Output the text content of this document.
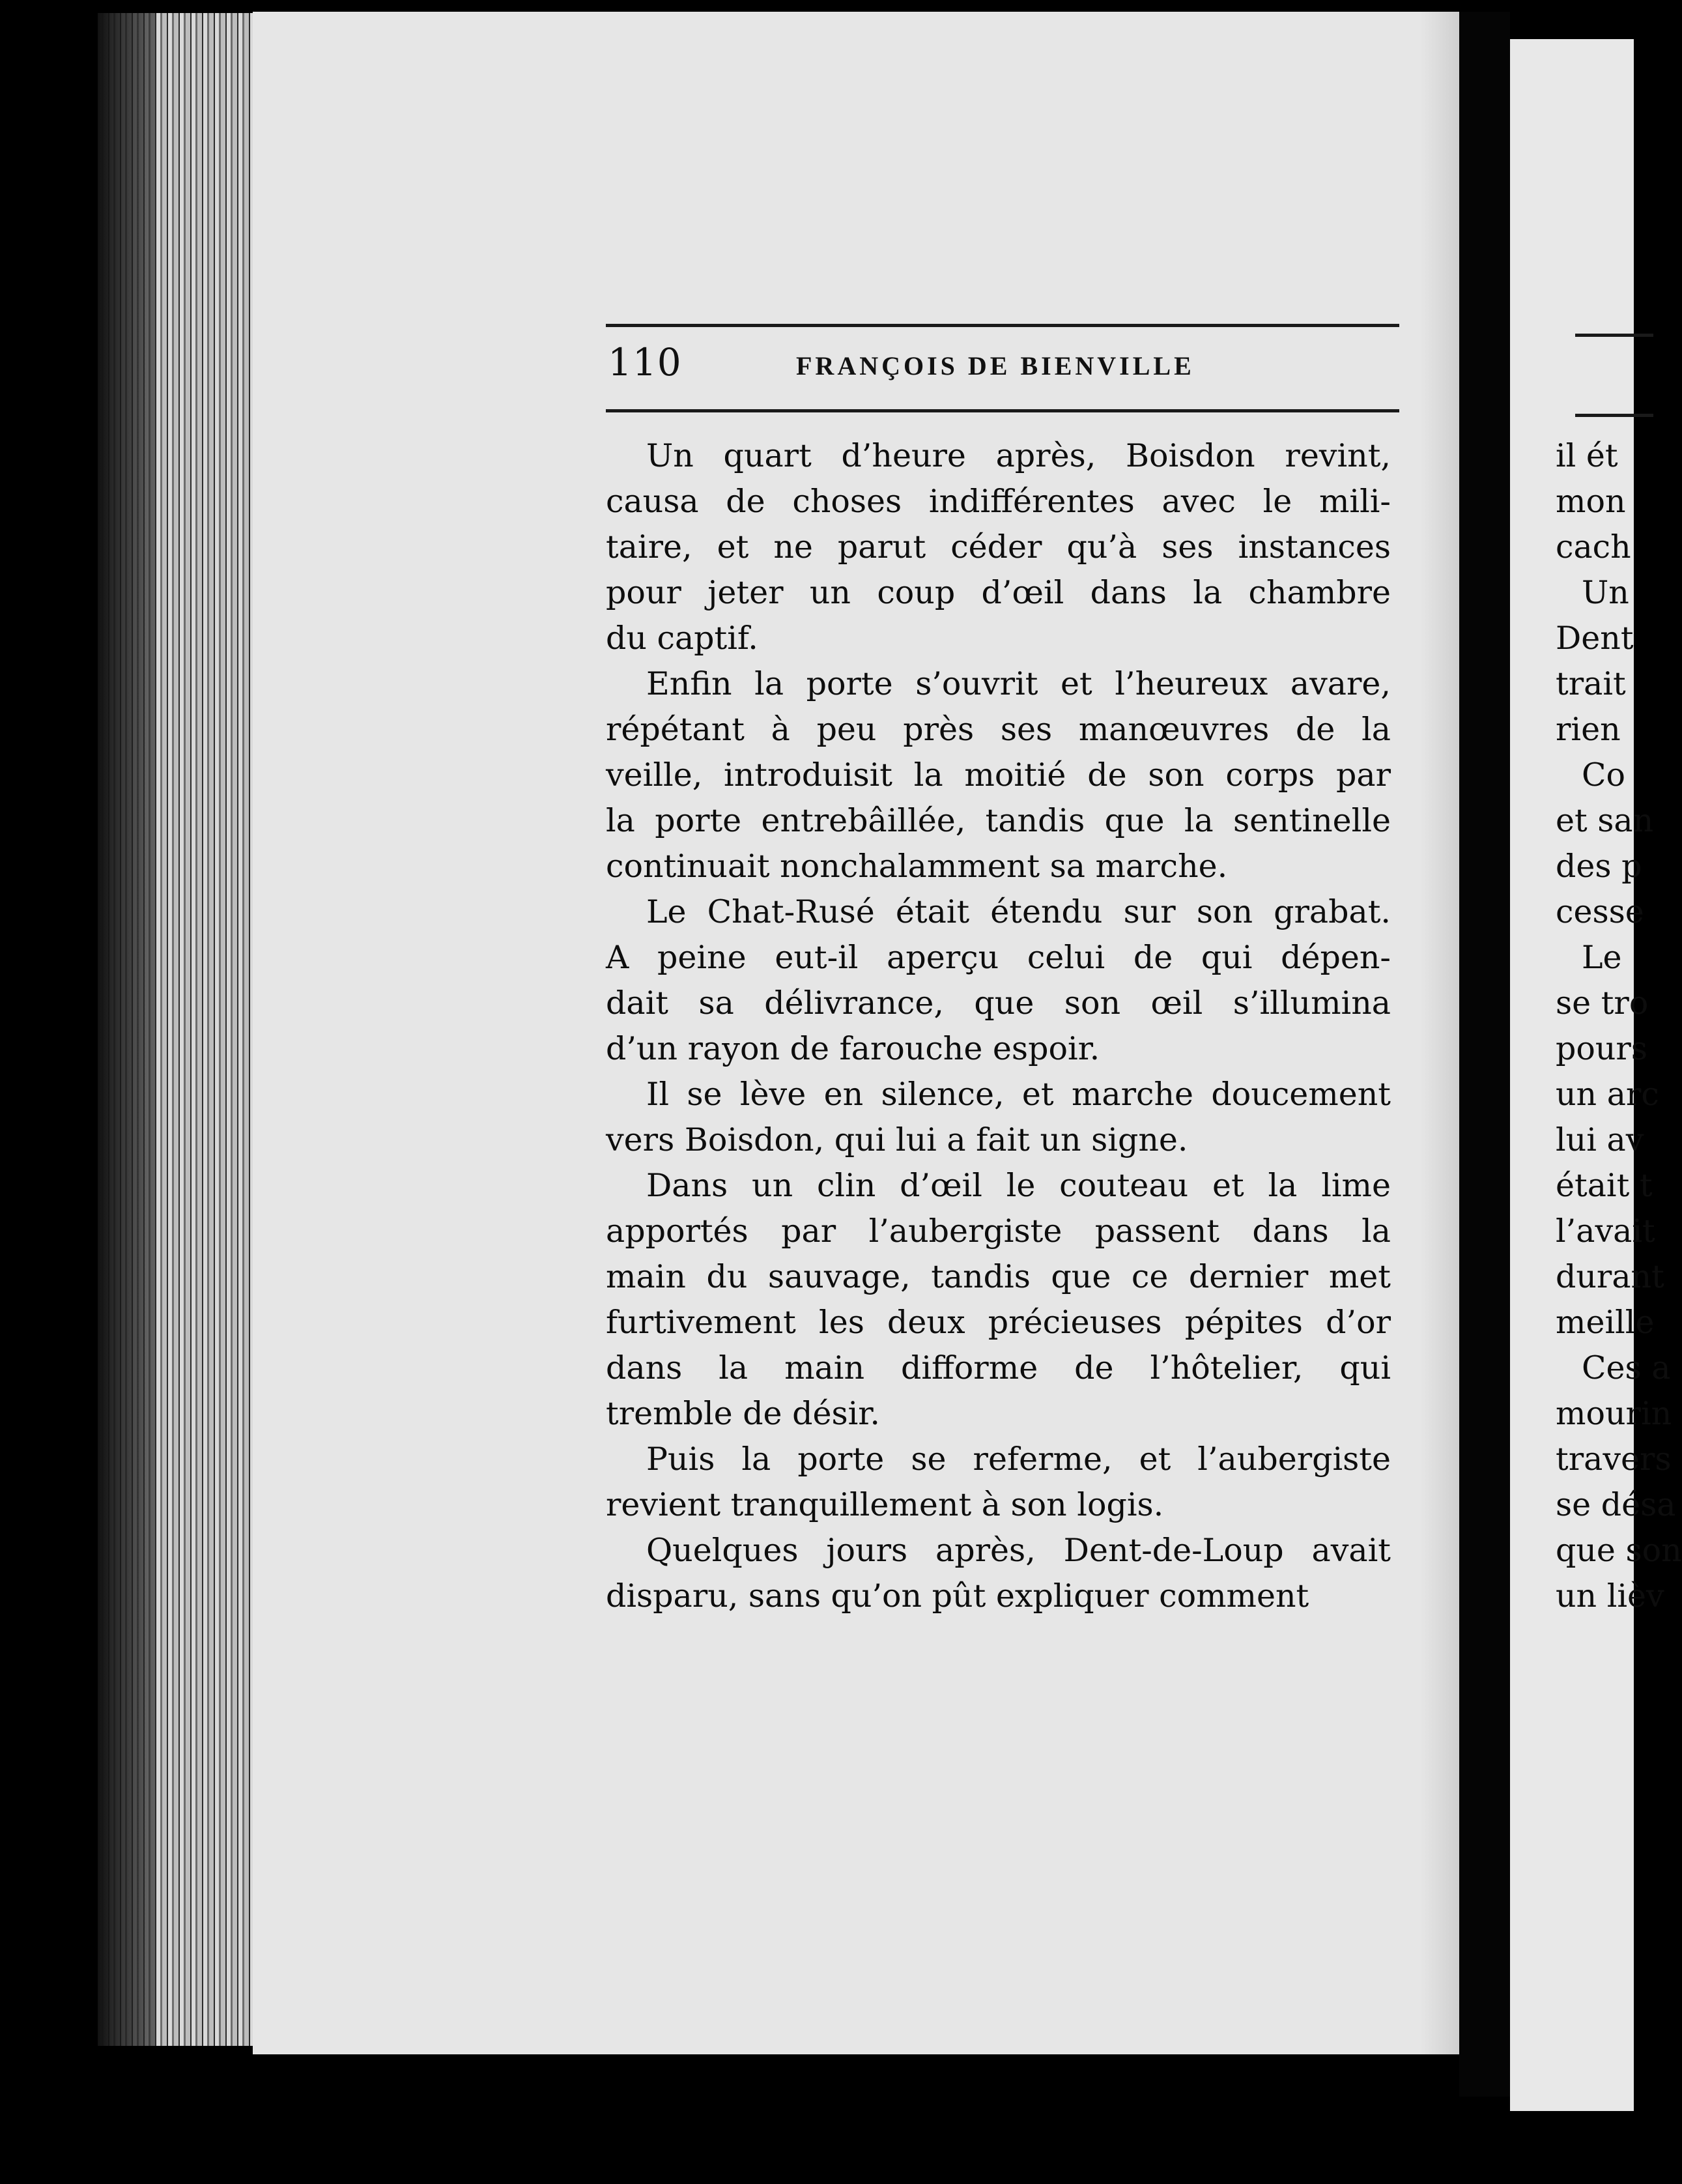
il ét
mon
cach
Un
Dent
trait
rien
Co
et san
des p
cesse
Le
se tro
pours
un arc
lui av
était t
l’avait
durant
meille
Ces a
mourin
travers
se désa
que son
un lièv
110	FRANÇOIS DE BIENVILLE
Un quart d’heure après, Boisdon revint,
causa de choses indifférentes avec le mili-
taire, et ne parut céder qu’à ses instances
pour jeter un coup d’œil dans la chambre
du captif.
Enfin la porte s’ouvrit et l’heureux avare,
répétant à peu près ses manœuvres de la
veille, introduisit la moitié de son corps par
la porte entrebâillée, tandis que la sentinelle
continuait nonchalamment sa marche.
Le Chat-Rusé était étendu sur son grabat.
A peine eut-il aperçu celui de qui dépen-
dait sa délivrance, que son œil s’illumina
d’un rayon de farouche espoir.
Il se lève en silence, et marche doucement
vers Boisdon, qui lui a fait un signe.
Dans un clin d’œil le couteau et la lime
apportés par l’aubergiste passent dans la
main du sauvage, tandis que ce dernier met
furtivement les deux précieuses pépites d’or
dans la main difforme de l’hôtelier, qui
tremble de désir.
Puis la porte se referme, et l’aubergiste
revient tranquillement à son logis.
Quelques jours après, Dent-de-Loup avait
disparu, sans qu’on pût expliquer comment
